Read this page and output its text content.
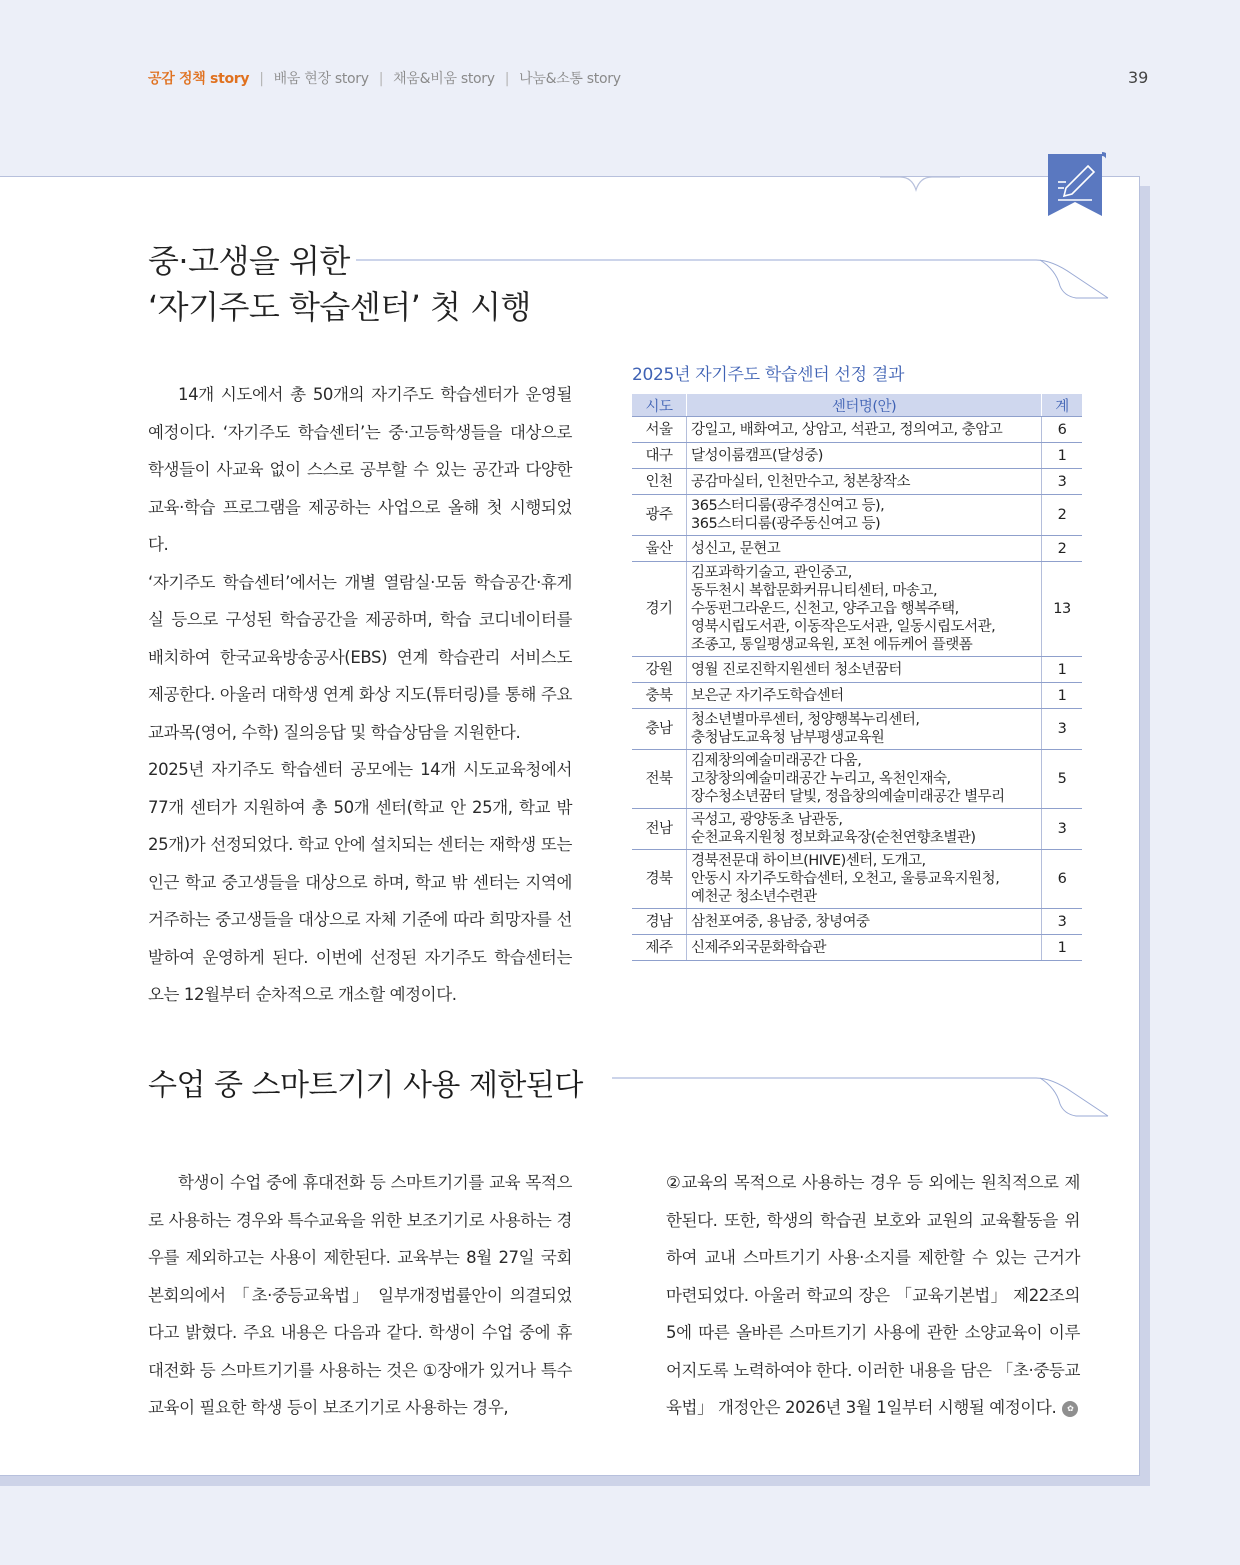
공감 정책 story | 배움 현장 story | 채움&비움 story | 나눔&소통 story	39
중·고생을 위한
‘자기주도 학습센터’ 첫 시행

14개 시도에서 총 50개의 자기주도 학습센터가 운영될 예정이다. ‘자기주도 학습센터’는 중·고등학생들을 대상으로 학생들이 사교육 없이 스스로 공부할 수 있는 공간과 다양한 교육·학습 프로그램을 제공하는 사업으로 올해 첫 시행되었다.

‘자기주도 학습센터’에서는 개별 열람실·모둠 학습공간·휴게실 등으로 구성된 학습공간을 제공하며, 학습 코디네이터를 배치하여 한국교육방송공사(EBS) 연계 학습관리 서비스도 제공한다. 아울러 대학생 연계 화상 지도(튜터링)를 통해 주요 교과목(영어, 수학) 질의응답 및 학습상담을 지원한다.

2025년 자기주도 학습센터 공모에는 14개 시도교육청에서 77개 센터가 지원하여 총 50개 센터(학교 안 25개, 학교 밖 25개)가 선정되었다. 학교 안에 설치되는 센터는 재학생 또는 인근 학교 중고생들을 대상으로 하며, 학교 밖 센터는 지역에 거주하는 중고생들을 대상으로 자체 기준에 따라 희망자를 선발하여 운영하게 된다. 이번에 선정된 자기주도 학습센터는 오는 12월부터 순차적으로 개소할 예정이다.

2025년 자기주도 학습센터 선정 결과
시도	센터명(안)	계
서울	강일고, 배화여고, 상암고, 석관고, 정의여고, 충암고	6
대구	달성이룸캠프(달성중)	1
인천	공감마실터, 인천만수고, 청본창작소	3
광주	365스터디룸(광주경신여고 등),
365스터디룸(광주동신여고 등)	2
울산	성신고, 문현고	2
경기	김포과학기술고, 관인중고,
동두천시 복합문화커뮤니티센터, 마송고,
수동펀그라운드, 신천고, 양주고읍 행복주택,
영북시립도서관, 이동작은도서관, 일동시립도서관,
조종고, 통일평생교육원, 포천 에듀케어 플랫폼	13
강원	영월 진로진학지원센터 청소년꿈터	1
충북	보은군 자기주도학습센터	1
충남	청소년별마루센터, 청양행복누리센터,
충청남도교육청 남부평생교육원	3
전북	김제창의예술미래공간 다움,
고창창의예술미래공간 누리고, 옥천인재숙,
장수청소년꿈터 달빛, 정읍창의예술미래공간 별무리	5
전남	곡성고, 광양동초 남관동,
순천교육지원청 정보화교육장(순천연향초별관)	3
경북	경북전문대 하이브(HIVE)센터, 도개고,
안동시 자기주도학습센터, 오천고, 울릉교육지원청,
예천군 청소년수련관	6
경남	삼천포여중, 용남중, 창녕여중	3
제주	신제주외국문화학습관	1
수업 중 스마트기기 사용 제한된다

학생이 수업 중에 휴대전화 등 스마트기기를 교육 목적으로 사용하는 경우와 특수교육을 위한 보조기기로 사용하는 경우를 제외하고는 사용이 제한된다. 교육부는 8월 27일 국회 본회의에서 「초·중등교육법」 일부개정법률안이 의결되었다고 밝혔다. 주요 내용은 다음과 같다. 학생이 수업 중에 휴대전화 등 스마트기기를 사용하는 것은 ①장애가 있거나 특수교육이 필요한 학생 등이 보조기기로 사용하는 경우,

②교육의 목적으로 사용하는 경우 등 외에는 원칙적으로 제한된다. 또한, 학생의 학습권 보호와 교원의 교육활동을 위하여 교내 스마트기기 사용·소지를 제한할 수 있는 근거가 마련되었다. 아울러 학교의 장은 「교육기본법」 제22조의5에 따른 올바른 스마트기기 사용에 관한 소양교육이 이루어지도록 노력하여야 한다. 이러한 내용을 담은 「초·중등교육법」 개정안은 2026년 3월 1일부터 시행될 예정이다. ✿
